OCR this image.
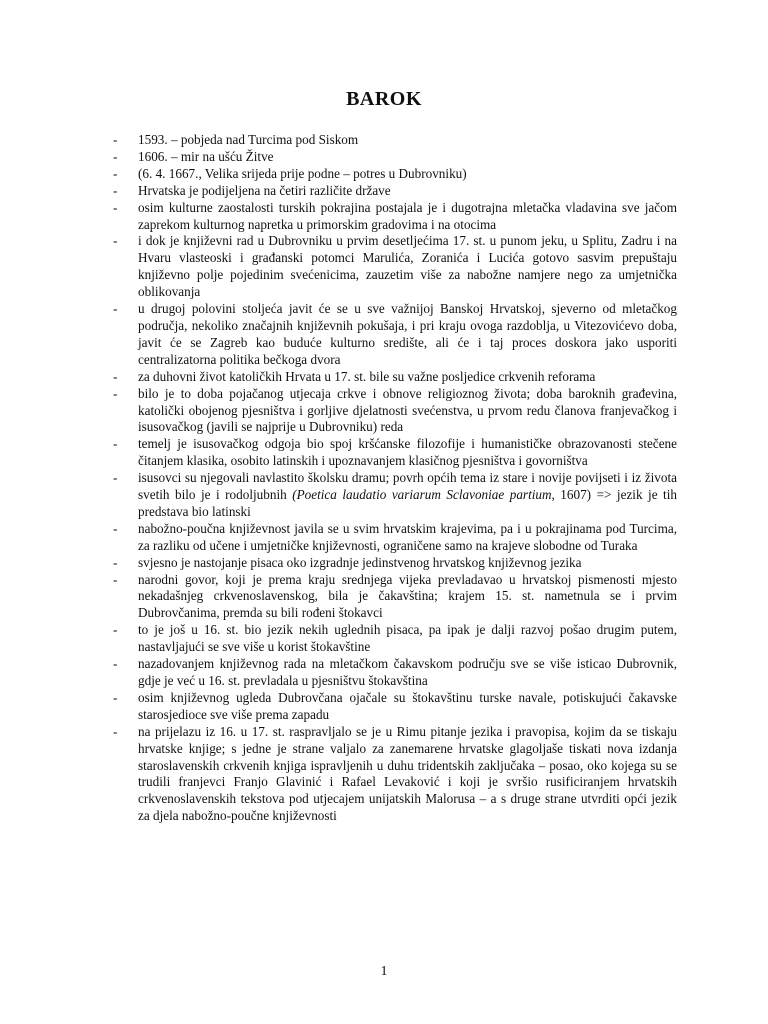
BAROK
- 1593. – pobjeda nad Turcima pod Siskom
- 1606. – mir na ušću Žitve
- (6. 4. 1667., Velika srijeda prije podne – potres u Dubrovniku)
- Hrvatska je podijeljena na četiri različite države
- osim kulturne zaostalosti turskih pokrajina postajala je i dugotrajna mletačka vladavina sve jačom zaprekom kulturnog napretka u primorskim gradovima i na otocima
- i dok je književni rad u Dubrovniku u prvim desetljećima 17. st. u punom jeku, u Splitu, Zadru i na Hvaru vlasteoski i građanski potomci Marulića, Zoranića i Lucića gotovo sasvim prepuštaju književno polje pojedinim svećenicima, zauzetim više za nabožne namjere nego za umjetnička oblikovanja
- u drugoj polovini stoljeća javit će se u sve važnijoj Banskoj Hrvatskoj, sjeverno od mletačkog područja, nekoliko značajnih književnih pokušaja, i pri kraju ovoga razdoblja, u Vitezovićevo doba, javit će se Zagreb kao buduće kulturno središte, ali će i taj proces doskora jako usporiti centralizatorna politika bečkoga dvora
- za duhovni život katoličkih Hrvata u 17. st. bile su važne posljedice crkvenih reforama
- bilo je to doba pojačanog utjecaja crkve i obnove religioznog života; doba baroknih građevina, katolički obojenog pjesništva i gorljive djelatnosti svećenstva, u prvom redu članova franjevačkog i isusovačkog (javili se najprije u Dubrovniku) reda
- temelj je isusovačkog odgoja bio spoj kršćanske filozofije i humanističke obrazovanosti stečene čitanjem klasika, osobito latinskih i upoznavanjem klasičnog pjesništva i govorništva
- isusovci su njegovali navlastito školsku dramu; povrh općih tema iz stare i novije povijseti i iz života svetih bilo je i rodoljubnih (Poetica laudatio variarum Sclavoniae partium, 1607) => jezik je tih predstava bio latinski
- nabožno-poučna književnost javila se u svim hrvatskim krajevima, pa i u pokrajinama pod Turcima, za razliku od učene i umjetničke književnosti, ograničene samo na krajeve slobodne od Turaka
- svjesno je nastojanje pisaca oko izgradnje jedinstvenog hrvatskog književnog jezika
- narodni govor, koji je prema kraju srednjega vijeka prevladavao u hrvatskoj pismenosti mjesto nekadašnjeg crkvenoslavenskog, bila je čakavština; krajem 15. st. nametnula se i prvim Dubrovčanima, premda su bili rođeni štokavci
- to je još u 16. st. bio jezik nekih uglednih pisaca, pa ipak je dalji razvoj pošao drugim putem, nastavljajući se sve više u korist štokavštine
- nazadovanjem književnog rada na mletačkom čakavskom području sve se više isticao Dubrovnik, gdje je već u 16. st. prevladala u pjesništvu štokavština
- osim književnog ugleda Dubrovčana ojačale su štokavštinu turske navale, potiskujući čakavske starosjedioce sve više prema zapadu
- na prijelazu iz 16. u 17. st. raspravljalo se je u Rimu pitanje jezika i pravopisa, kojim da se tiskaju hrvatske knjige; s jedne je strane valjalo za zanemarene hrvatske glagoljaše tiskati nova izdanja staroslavenskih crkvenih knjiga ispravljenih u duhu tridentskih zaključaka – posao, oko kojega su se trudili franjevci Franjo Glavinić i Rafael Levaković i koji je svršio rusificiranjem hrvatskih crkvenoslavenskih tekstova pod utjecajem unijatskih Malorusa – a s druge strane utvrditi opći jezik za djela nabožno-poučne književnosti
1
